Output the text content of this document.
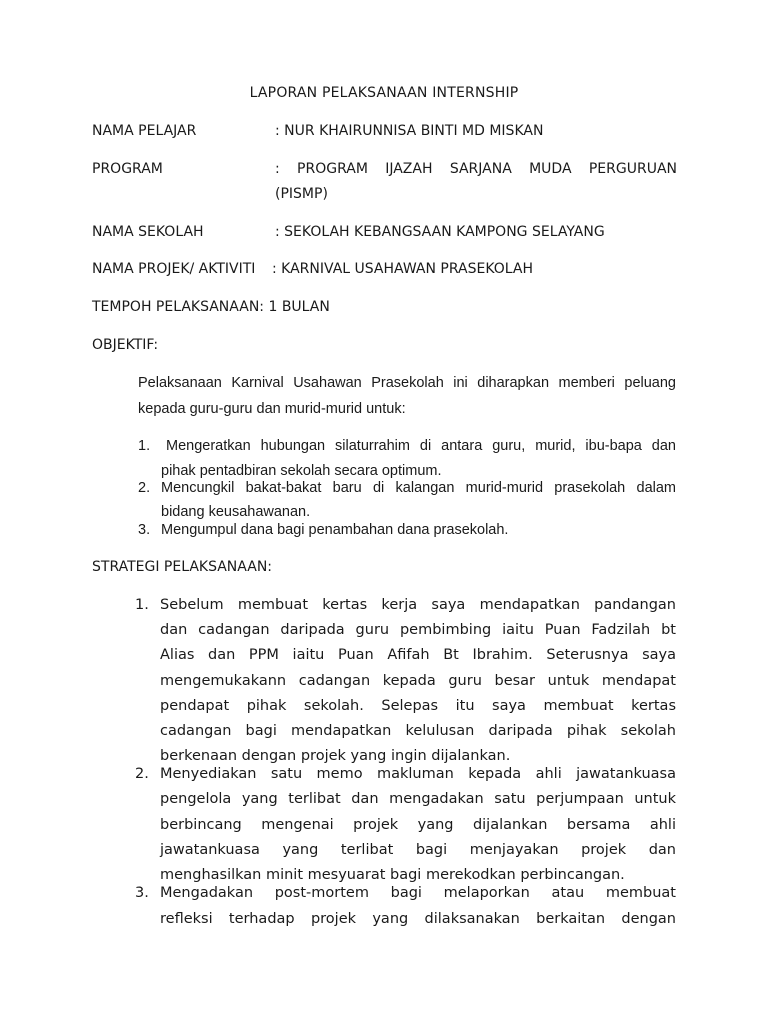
LAPORAN PELAKSANAAN INTERNSHIP
NAMA PELAJAR	: NUR KHAIRUNNISA BINTI MD MISKAN
PROGRAM	: PROGRAM IJAZAH SARJANA MUDA PERGURUAN
(PISMP)
NAMA SEKOLAH	: SEKOLAH KEBANGSAAN KAMPONG SELAYANG
NAMA PROJEK/ AKTIVITI : KARNIVAL USAHAWAN PRASEKOLAH
TEMPOH PELAKSANAAN: 1 BULAN
OBJEKTIF:
Pelaksanaan Karnival Usahawan Prasekolah ini diharapkan memberi peluang
kepada guru-guru dan murid-murid untuk:
1. Mengeratkan hubungan silaturrahim di antara guru, murid, ibu-bapa dan
pihak pentadbiran sekolah secara optimum.
2. Mencungkil bakat-bakat baru di kalangan murid-murid prasekolah dalam
bidang keusahawanan.
3. Mengumpul dana bagi penambahan dana prasekolah.
STRATEGI PELAKSANAAN:
1. Sebelum membuat kertas kerja saya mendapatkan pandangan
dan cadangan daripada guru pembimbing iaitu Puan Fadzilah bt
Alias dan PPM iaitu Puan Afifah Bt Ibrahim. Seterusnya saya
mengemukakann cadangan kepada guru besar untuk mendapat
pendapat pihak sekolah. Selepas itu saya membuat kertas
cadangan bagi mendapatkan kelulusan daripada pihak sekolah
berkenaan dengan projek yang ingin dijalankan.
2. Menyediakan satu memo makluman kepada ahli jawatankuasa
pengelola yang terlibat dan mengadakan satu perjumpaan untuk
berbincang mengenai projek yang dijalankan bersama ahli
jawatankuasa yang terlibat bagi menjayakan projek dan
menghasilkan minit mesyuarat bagi merekodkan perbincangan.
3. Mengadakan post-mortem bagi melaporkan atau membuat
refleksi terhadap projek yang dilaksanakan berkaitan dengan
